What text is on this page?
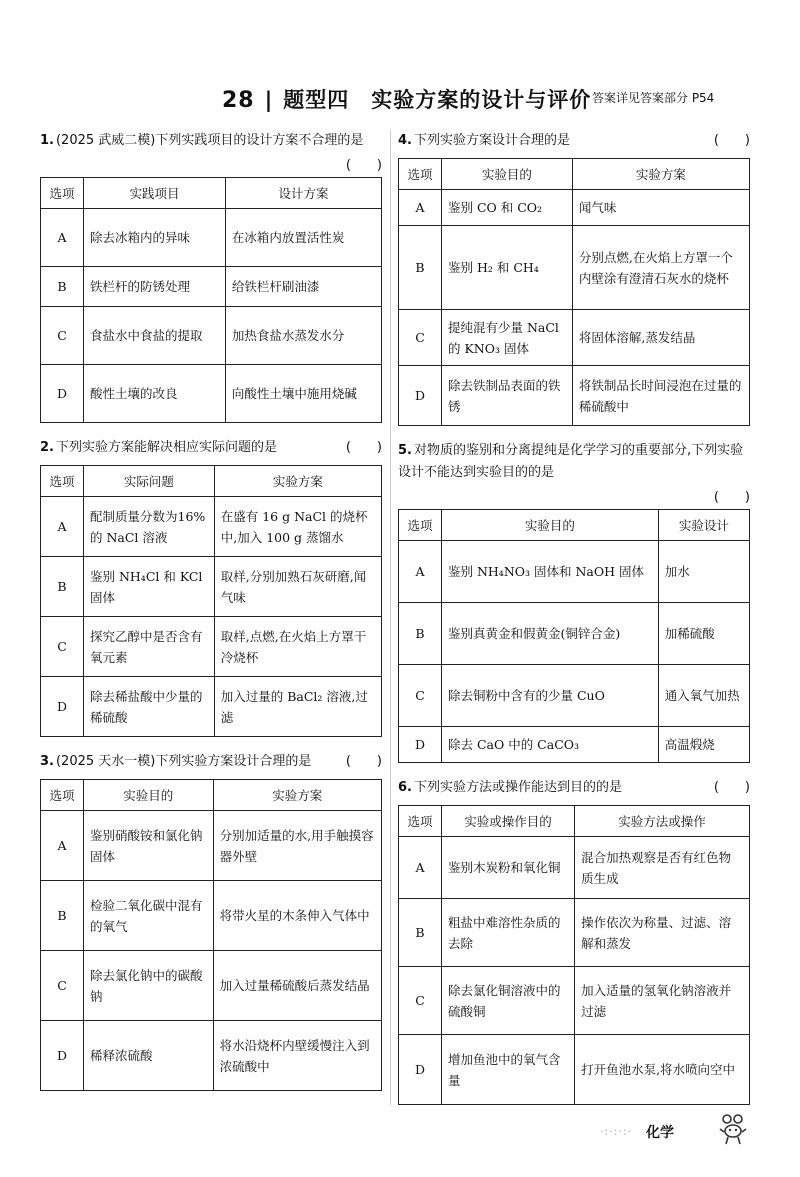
28 | 题型四　实验方案的设计与评价 答案详见答案部分 P54
1. (2025 武威二模)下列实践项目的设计方案不合理的是
(　　)
选项	实践项目	设计方案
A	除去冰箱内的异味	在冰箱内放置活性炭
B	铁栏杆的防锈处理	给铁栏杆刷油漆
C	食盐水中食盐的提取	加热食盐水蒸发水分
D	酸性土壤的改良	向酸性土壤中施用烧碱
2. 下列实验方案能解决相应实际问题的是	(　　)
选项	实际问题	实验方案
A	配制质量分数为16%的 NaCl 溶液	在盛有 16 g NaCl 的烧杯中,加入 100 g 蒸馏水
B	鉴别 NH₄Cl 和 KCl 固体	取样,分别加熟石灰研磨,闻气味
C	探究乙醇中是否含有氧元素	取样,点燃,在火焰上方罩干冷烧杯
D	除去稀盐酸中少量的稀硫酸	加入过量的 BaCl₂ 溶液,过滤
3. (2025 天水一模)下列实验方案设计合理的是	(　　)
选项	实验目的	实验方案
A	鉴别硝酸铵和氯化钠固体	分别加适量的水,用手触摸容器外壁
B	检验二氧化碳中混有的氧气	将带火星的木条伸入气体中
C	除去氯化钠中的碳酸钠	加入过量稀硫酸后蒸发结晶
D	稀释浓硫酸	将水沿烧杯内壁缓慢注入到浓硫酸中
4. 下列实验方案设计合理的是	(　　)
选项	实验目的	实验方案
A	鉴别 CO 和 CO₂	闻气味
B	鉴别 H₂ 和 CH₄	分别点燃,在火焰上方罩一个内壁涂有澄清石灰水的烧杯
C	提纯混有少量 NaCl 的 KNO₃ 固体	将固体溶解,蒸发结晶
D	除去铁制品表面的铁锈	将铁制品长时间浸泡在过量的稀硫酸中
5. 对物质的鉴别和分离提纯是化学学习的重要部分,下列实验设计不能达到实验目的的是
(　　)
选项	实验目的	实验设计
A	鉴别 NH₄NO₃ 固体和 NaOH 固体	加水
B	鉴别真黄金和假黄金(铜锌合金)	加稀硫酸
C	除去铜粉中含有的少量 CuO	通入氧气加热
D	除去 CaO 中的 CaCO₃	高温煅烧
6. 下列实验方法或操作能达到目的的是	(　　)
选项	实验或操作目的	实验方法或操作
A	鉴别木炭粉和氧化铜	混合加热观察是否有红色物质生成
B	粗盐中难溶性杂质的去除	操作依次为称量、过滤、溶解和蒸发
C	除去氯化铜溶液中的硫酸铜	加入适量的氢氧化钠溶液并过滤
D	增加鱼池中的氧气含量	打开鱼池水泵,将水喷向空中
·:·:·:· 化学
